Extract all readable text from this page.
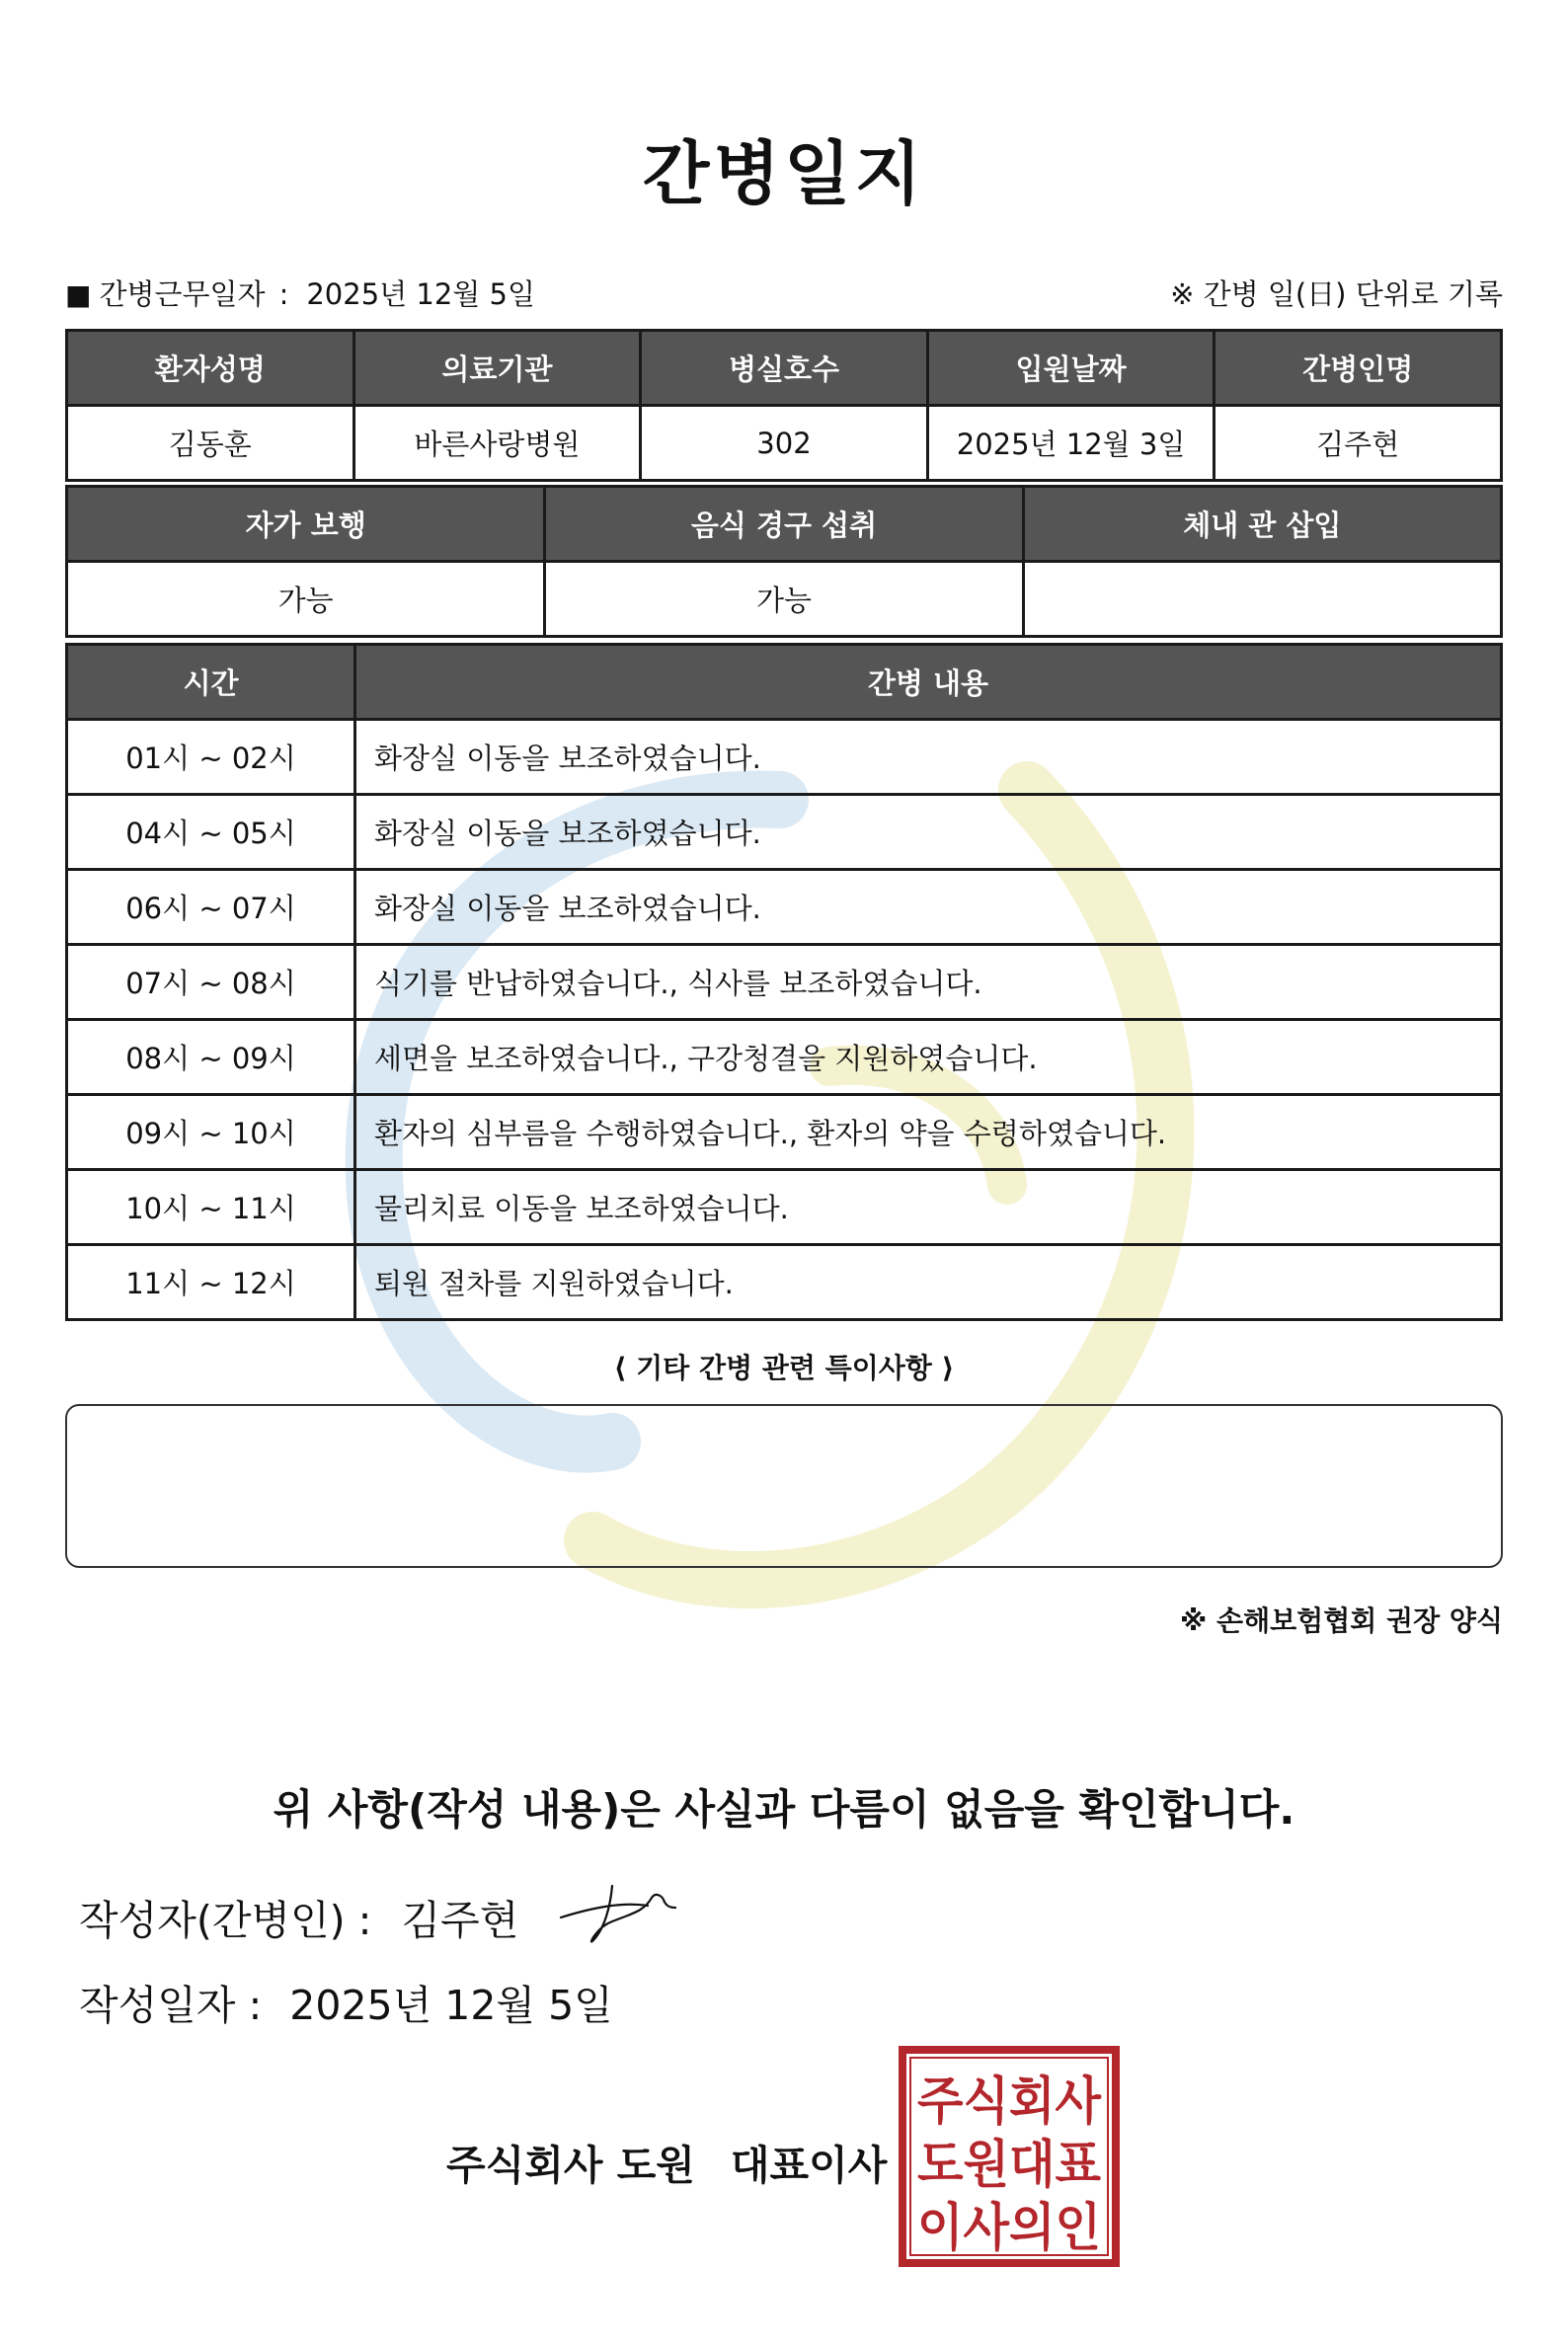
간병일지
■ 간병근무일자 : 2025년 12월 5일	※ 간병 일(日) 단위로 기록
환자성명	의료기관	병실호수	입원날짜	간병인명
김동훈	바른사랑병원	302	2025년 12월 3일	김주현
자가 보행	음식 경구 섭취	체내 관 삽입
가능	가능	
시간	간병 내용
01시 ~ 02시	화장실 이동을 보조하였습니다.
04시 ~ 05시	화장실 이동을 보조하였습니다.
06시 ~ 07시	화장실 이동을 보조하였습니다.
07시 ~ 08시	식기를 반납하였습니다., 식사를 보조하였습니다.
08시 ~ 09시	세면을 보조하였습니다., 구강청결을 지원하였습니다.
09시 ~ 10시	환자의 심부름을 수행하였습니다., 환자의 약을 수령하였습니다.
10시 ~ 11시	물리치료 이동을 보조하였습니다.
11시 ~ 12시	퇴원 절차를 지원하였습니다.
⟨ 기타 간병 관련 특이사항 ⟩
※ 손해보험협회 권장 양식
위 사항(작성 내용)은 사실과 다름이 없음을 확인합니다.
작성자(간병인) : 김주현
작성일자 : 2025년 12월 5일
주식회사 도원 대표이사
주식회사
도원대표
이사의인
